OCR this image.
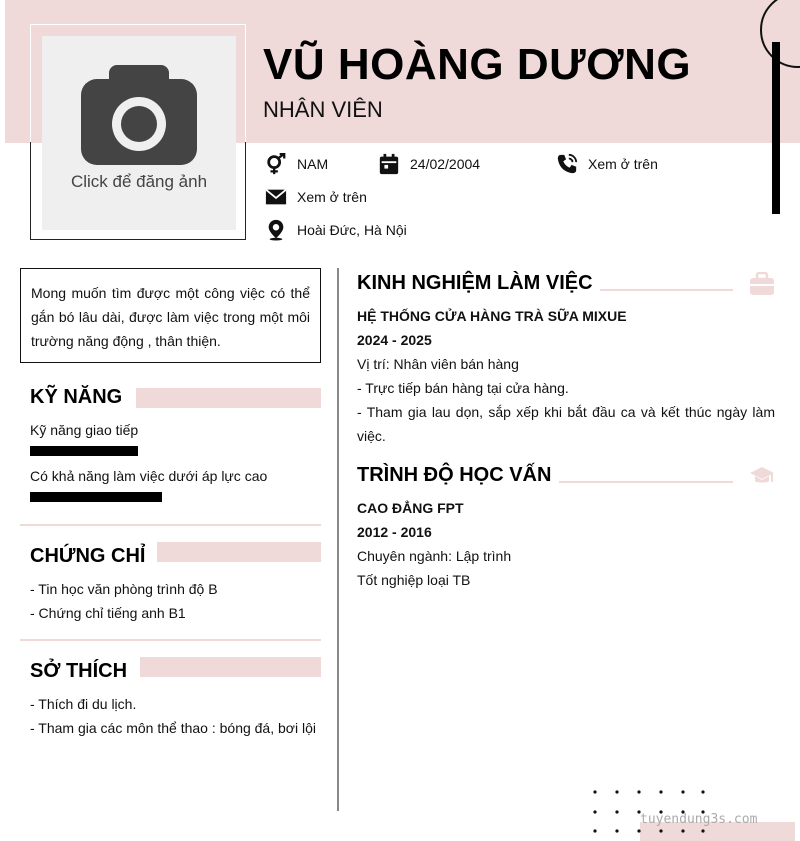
Click để đăng ảnh
VŨ HOÀNG DƯƠNG
NHÂN VIÊN
NAM	24/02/2004	Xem ở trên
Xem ở trên
Hoài Đức, Hà Nội
Mong muốn tìm được một công việc có thể gắn bó lâu dài, được làm việc trong một môi trường năng động , thân thiện.
KỸ NĂNG
Kỹ năng giao tiếp
Có khả năng làm việc dưới áp lực cao
CHỨNG CHỈ
- Tin học văn phòng trình độ B
- Chứng chỉ tiếng anh B1
SỞ THÍCH
- Thích đi du lịch.
- Tham gia các môn thể thao : bóng đá, bơi lội
KINH NGHIỆM LÀM VIỆC
HỆ THỐNG CỬA HÀNG TRÀ SỮA MIXUE
2024 - 2025
Vị trí: Nhân viên bán hàng
- Trực tiếp bán hàng tại cửa hàng.
- Tham gia lau dọn, sắp xếp khi bắt đầu ca và kết thúc ngày làm việc.
TRÌNH ĐỘ HỌC VẤN
CAO ĐẲNG FPT
2012 - 2016
Chuyên ngành: Lập trình
Tốt nghiệp loại TB
tuyendung3s.com
